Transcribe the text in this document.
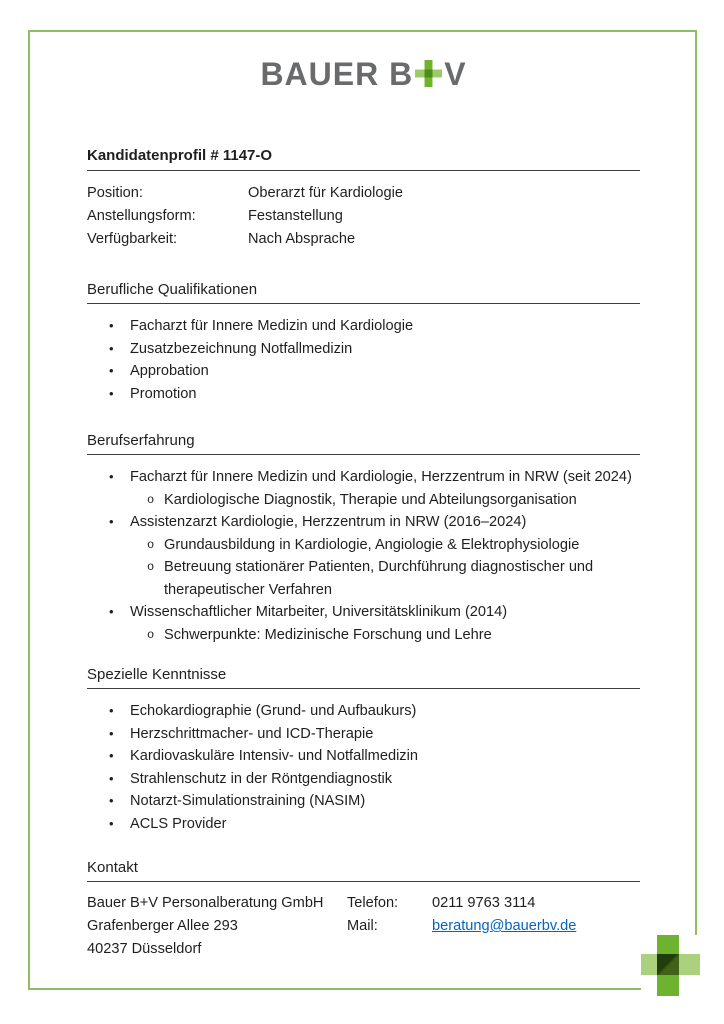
BAUER B V
Kandidatenprofil # 1147-O
Position:	Oberarzt für Kardiologie
Anstellungsform:	Festanstellung
Verfügbarkeit:	Nach Absprache
Berufliche Qualifikationen
•	Facharzt für Innere Medizin und Kardiologie
•	Zusatzbezeichnung Notfallmedizin
•	Approbation
•	Promotion
Berufserfahrung
•	Facharzt für Innere Medizin und Kardiologie, Herzzentrum in NRW (seit 2024)
o Kardiologische Diagnostik, Therapie und Abteilungsorganisation
•	Assistenzarzt Kardiologie, Herzzentrum in NRW (2016–2024)
o Grundausbildung in Kardiologie, Angiologie & Elektrophysiologie
o Betreuung stationärer Patienten, Durchführung diagnostischer und therapeutischer Verfahren
•	Wissenschaftlicher Mitarbeiter, Universitätsklinikum (2014)
o Schwerpunkte: Medizinische Forschung und Lehre
Spezielle Kenntnisse
•	Echokardiographie (Grund- und Aufbaukurs)
•	Herzschrittmacher- und ICD-Therapie
•	Kardiovaskuläre Intensiv- und Notfallmedizin
•	Strahlenschutz in der Röntgendiagnostik
•	Notarzt-Simulationstraining (NASIM)
•	ACLS Provider
Kontakt
Bauer B+V Personalberatung GmbH
Grafenberger Allee 293
40237 Düsseldorf
Telefon:	0211 9763 3114
Mail:	beratung@bauerbv.de
